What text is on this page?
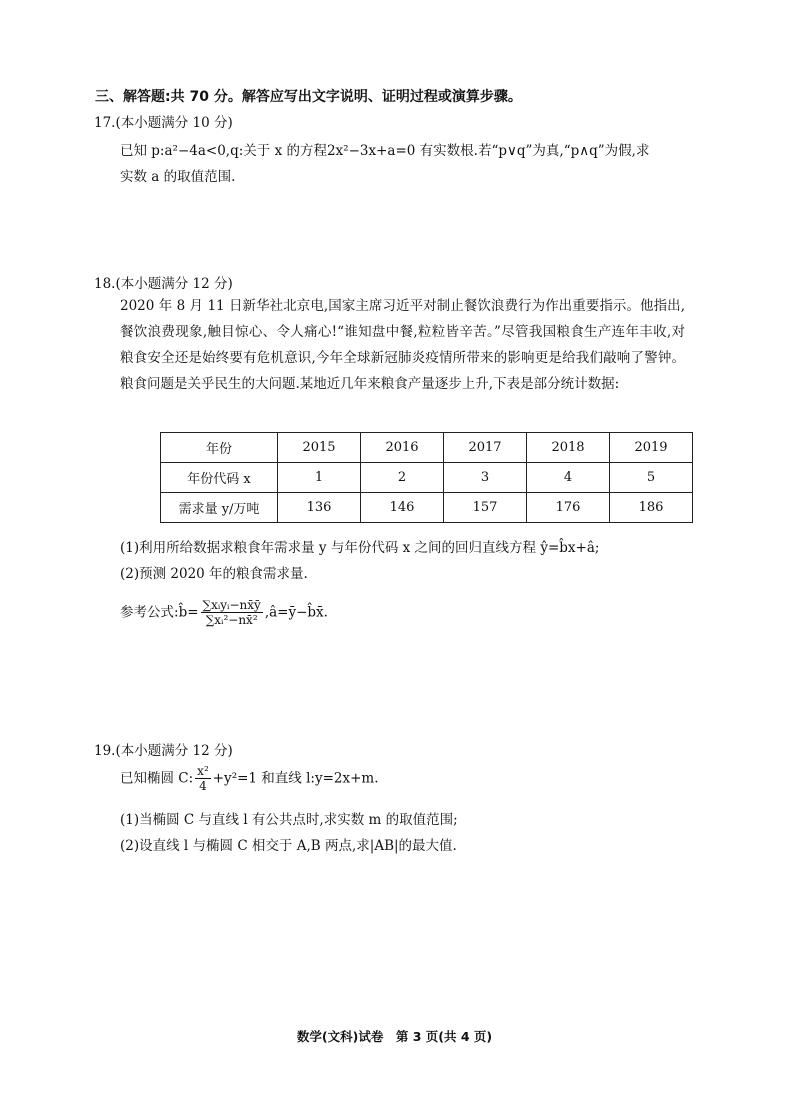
三、解答题:共 70 分。解答应写出文字说明、证明过程或演算步骤。
17.(本小题满分 10 分)
已知 p:a²−4a<0,q:关于 x 的方程2x²−3x+a=0 有实数根.若“p∨q”为真,“p∧q”为假,求
实数 a 的取值范围.
18.(本小题满分 12 分)
2020 年 8 月 11 日新华社北京电,国家主席习近平对制止餐饮浪费行为作出重要指示。他指出,餐饮浪费现象,触目惊心、令人痛心!“谁知盘中餐,粒粒皆辛苦。”尽管我国粮食生产连年丰收,对粮食安全还是始终要有危机意识,今年全球新冠肺炎疫情所带来的影响更是给我们敲响了警钟。粮食问题是关乎民生的大问题.某地近几年来粮食产量逐步上升,下表是部分统计数据:
年份	2015	2016	2017	2018	2019
年份代码 x	1	2	3	4	5
需求量 y/万吨	136	146	157	176	186
(1)利用所给数据求粮食年需求量 y 与年份代码 x 之间的回归直线方程 ŷ=b̂x+â;
(2)预测 2020 年的粮食需求量.
参考公式:b̂= $\frac{\text{∑xᵢyᵢ−nx̄ȳ}}{\text{∑xᵢ²−nx̄²}}$ ,â=ȳ−b̂x̄.
19.(本小题满分 12 分)
已知椭圆 C: $\frac{\text{x²}}{4} +y^2=1$ 和直线 l:y=2x+m.
(1)当椭圆 C 与直线 l 有公共点时,求实数 m 的取值范围;
(2)设直线 l 与椭圆 C 相交于 A,B 两点,求|AB|的最大值.
数学(文科)试卷　第 3 页(共 4 页)
